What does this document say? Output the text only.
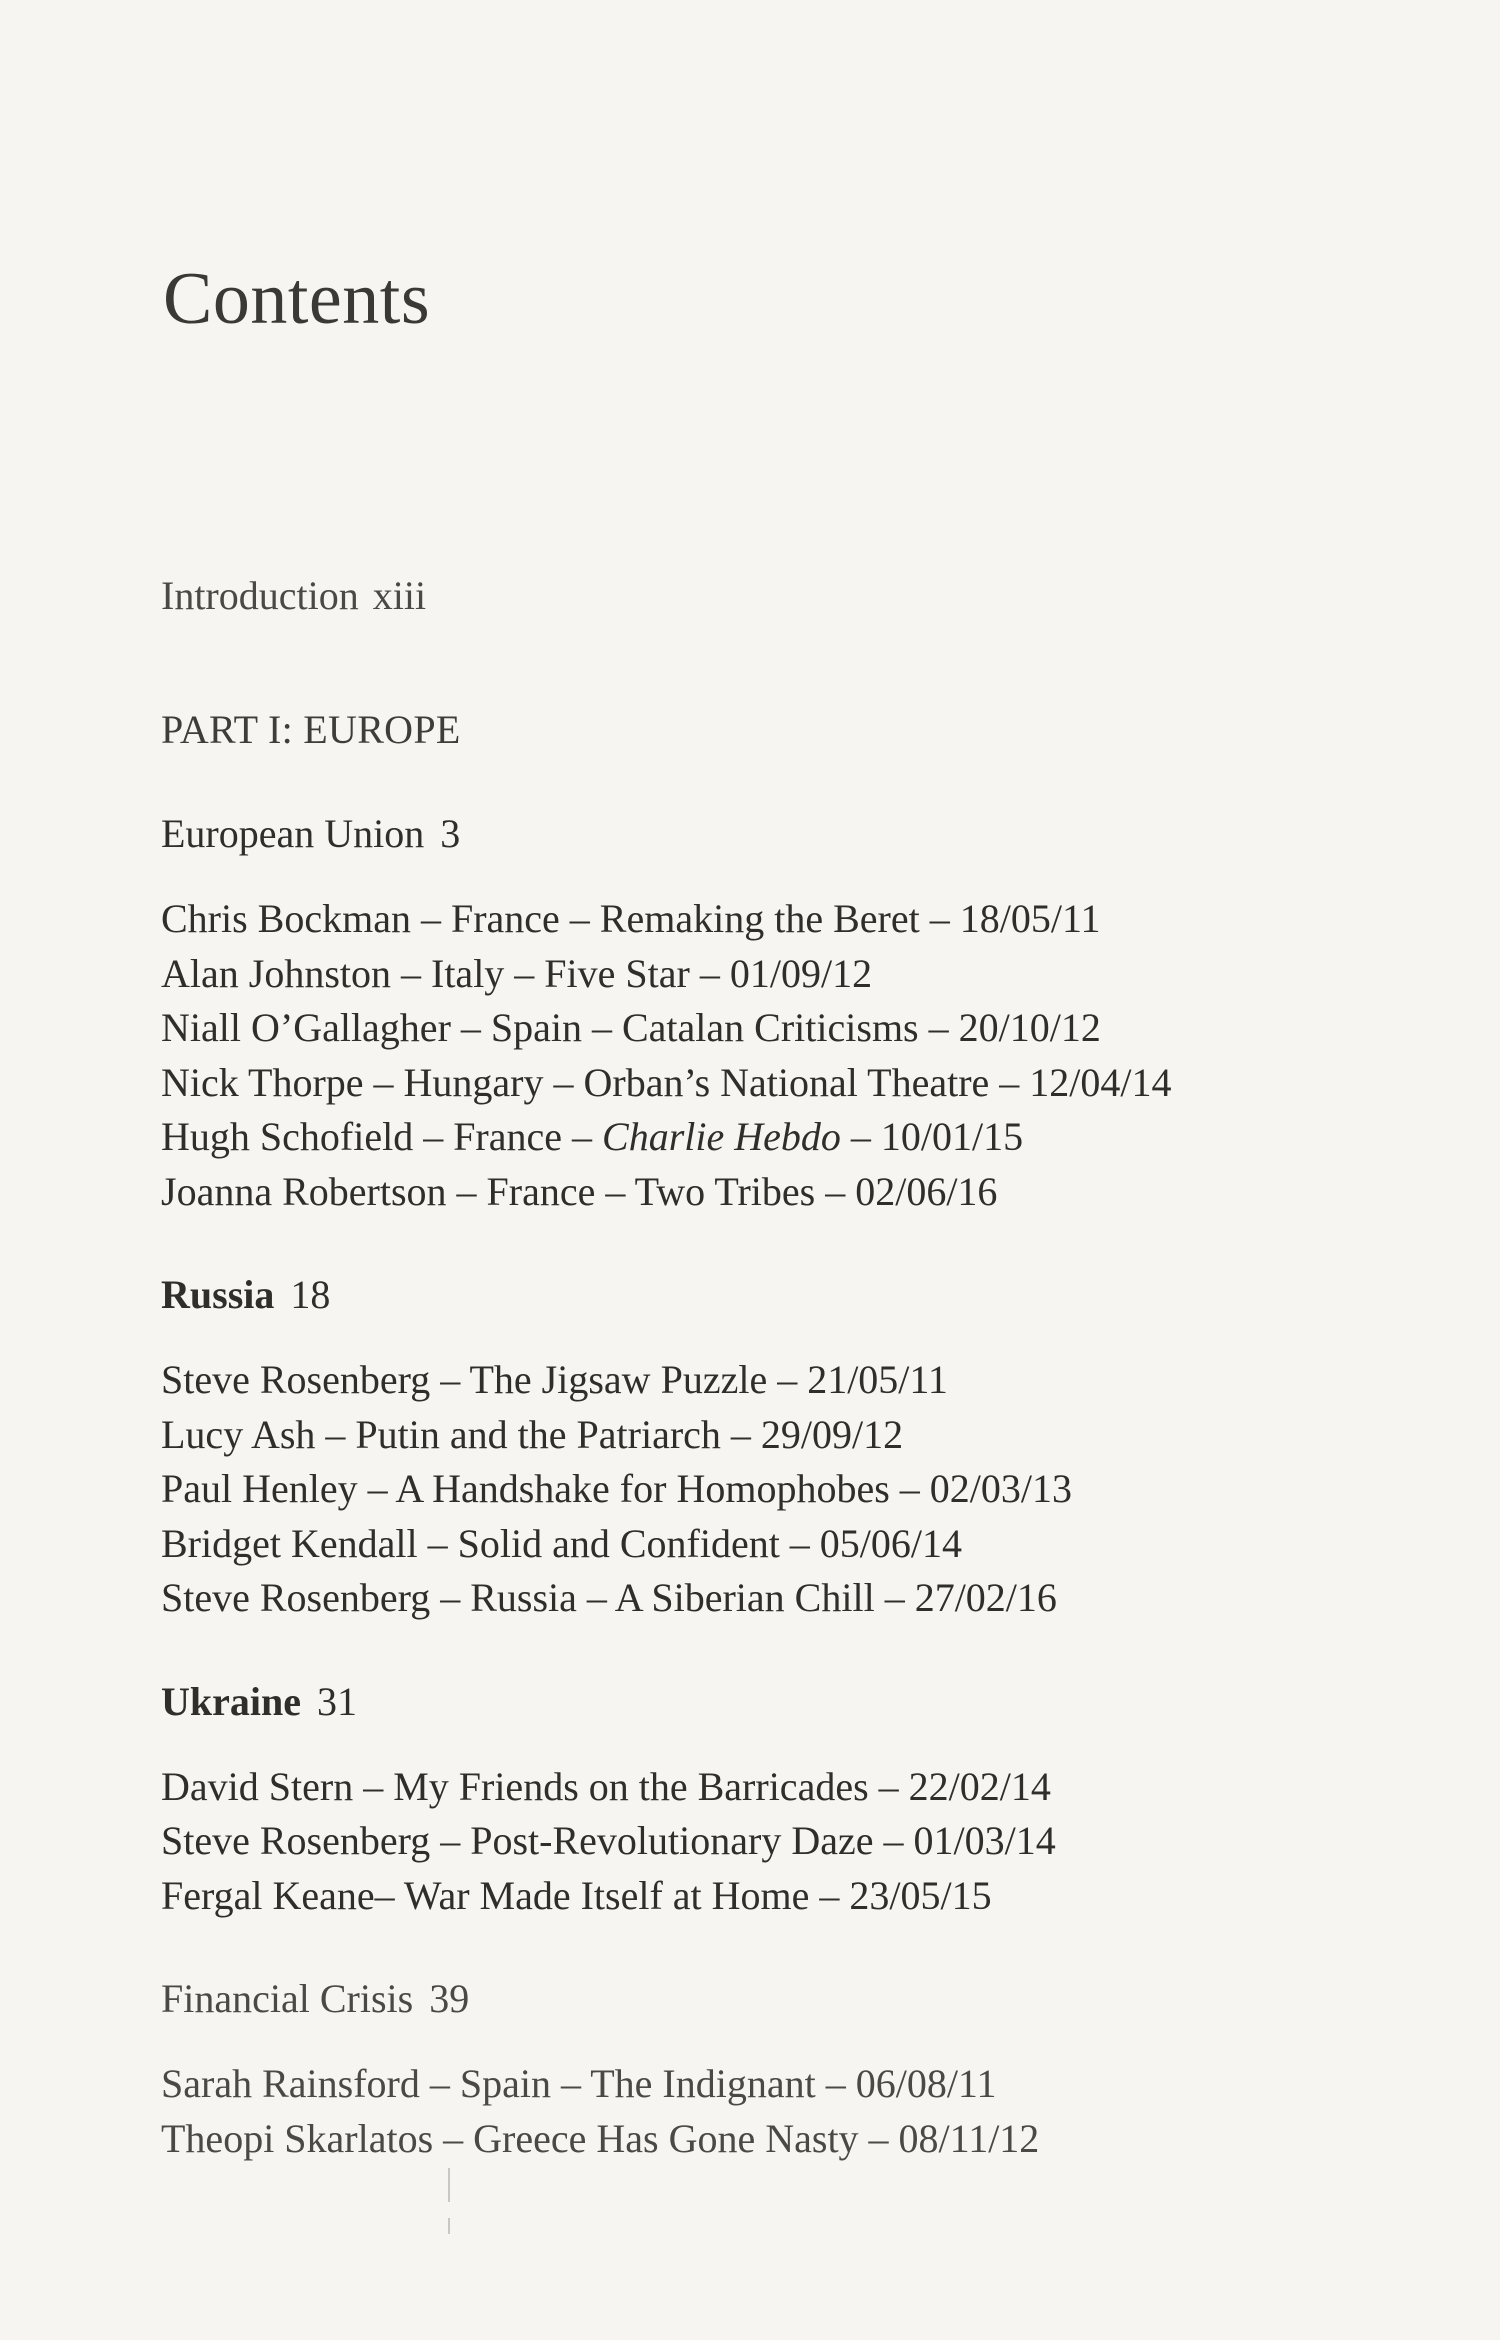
Contents

Introduction xiii

PART I: EUROPE

European Union 3

Chris Bockman – France – Remaking the Beret – 18/05/11
Alan Johnston – Italy – Five Star – 01/09/12
Niall O’Gallagher – Spain – Catalan Criticisms – 20/10/12
Nick Thorpe – Hungary – Orban’s National Theatre – 12/04/14
Hugh Schofield – France – Charlie Hebdo – 10/01/15
Joanna Robertson – France – Two Tribes – 02/06/16

Russia 18

Steve Rosenberg – The Jigsaw Puzzle – 21/05/11
Lucy Ash – Putin and the Patriarch – 29/09/12
Paul Henley – A Handshake for Homophobes – 02/03/13
Bridget Kendall – Solid and Confident – 05/06/14
Steve Rosenberg – Russia – A Siberian Chill – 27/02/16

Ukraine 31

David Stern – My Friends on the Barricades – 22/02/14
Steve Rosenberg – Post-Revolutionary Daze – 01/03/14
Fergal Keane– War Made Itself at Home – 23/05/15

Financial Crisis 39

Sarah Rainsford – Spain – The Indignant – 06/08/11
Theopi Skarlatos – Greece Has Gone Nasty – 08/11/12
